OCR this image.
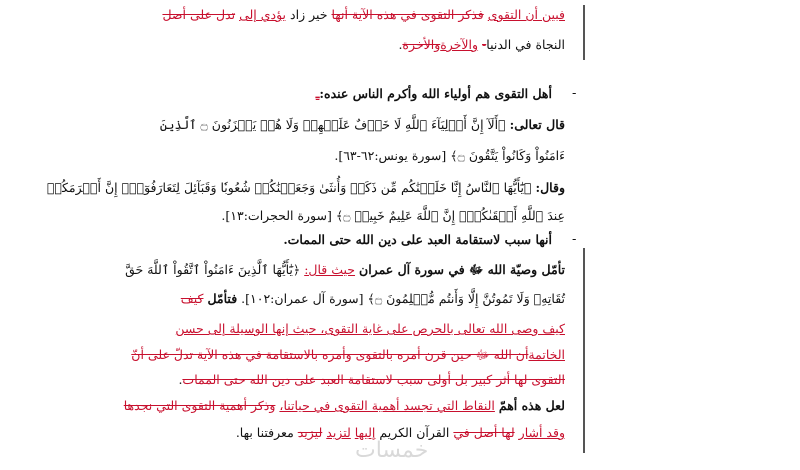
فبين أن التقوى فذكر التقوى في هذه الآية أنها خير زاد يؤدي إلى تدل على أصل
النجاة في الدنيا- والآخرةوالأخرة.
-
أهل التقوى هم أولياء الله وأكرم الناس عنده:ـ
قال تعالى: ﴿أَلَآ إِنَّ أَوۡلِيَآءَ ٱللَّهِ لَا خَوۡفٌ عَلَيۡهِمۡ وَلَا هُمۡ يَحۡزَنُونَ ۝ ٱلَّذِينَ
ءَامَنُواْ وَكَانُواْ يَتَّقُونَ ۝﴾ [سورة يونس:٦٢-٦٣].
وقال: ﴿يَٰٓأَيُّهَا ٱلنَّاسُ إِنَّا خَلَقۡنَٰكُم مِّن ذَكَرٖ وَأُنثَىٰ وَجَعَلۡنَٰكُمۡ شُعُوبٗا وَقَبَآئِلَ لِتَعَارَفُوٓاْۚ إِنَّ أَكۡرَمَكُمۡ
عِندَ ٱللَّهِ أَتۡقَىٰكُمۡۚ إِنَّ ٱللَّهَ عَلِيمٌ خَبِيرٞ ۝﴾ [سورة الحجرات:١٣].
-
أنها سبب لاستقامة العبد على دين الله حتى الممات.
تأمّل وصيّة الله ﷻ في سورة آل عمران حيث قال: ﴿يَٰٓأَيُّهَا ٱلَّذِينَ ءَامَنُواْ ٱتَّقُواْ ٱللَّهَ حَقَّ
تُقَاتِهِۦ وَلَا تَمُوتُنَّ إِلَّا وَأَنتُم مُّسۡلِمُونَ ۝﴾ [سورة آل عمران:١٠٢]. فتأمّل كيف
كيف وصى الله تعالى بالحرص على غاية التقوى، حيث إنها الوسيلة إلى حسن
الخاتمةأن الله ﷻ حين قرن أمره بالتقوى وأمره بالاستقامة في هذه الآية تدلّ على أنّ
التقوى لها أثر كبير بل أولى سبب لاستقامة العبد على دين الله حتى الممات.
لعل هذه أهمّ النقاط التي تجسد أهمية التقوى في حياتنا، وذكر أهمية التقوى التي نجدها
وقد أشار لها أصل في القرآن الكريم إليها لتزيد ليزيد معرفتنا بها.
خمسات
